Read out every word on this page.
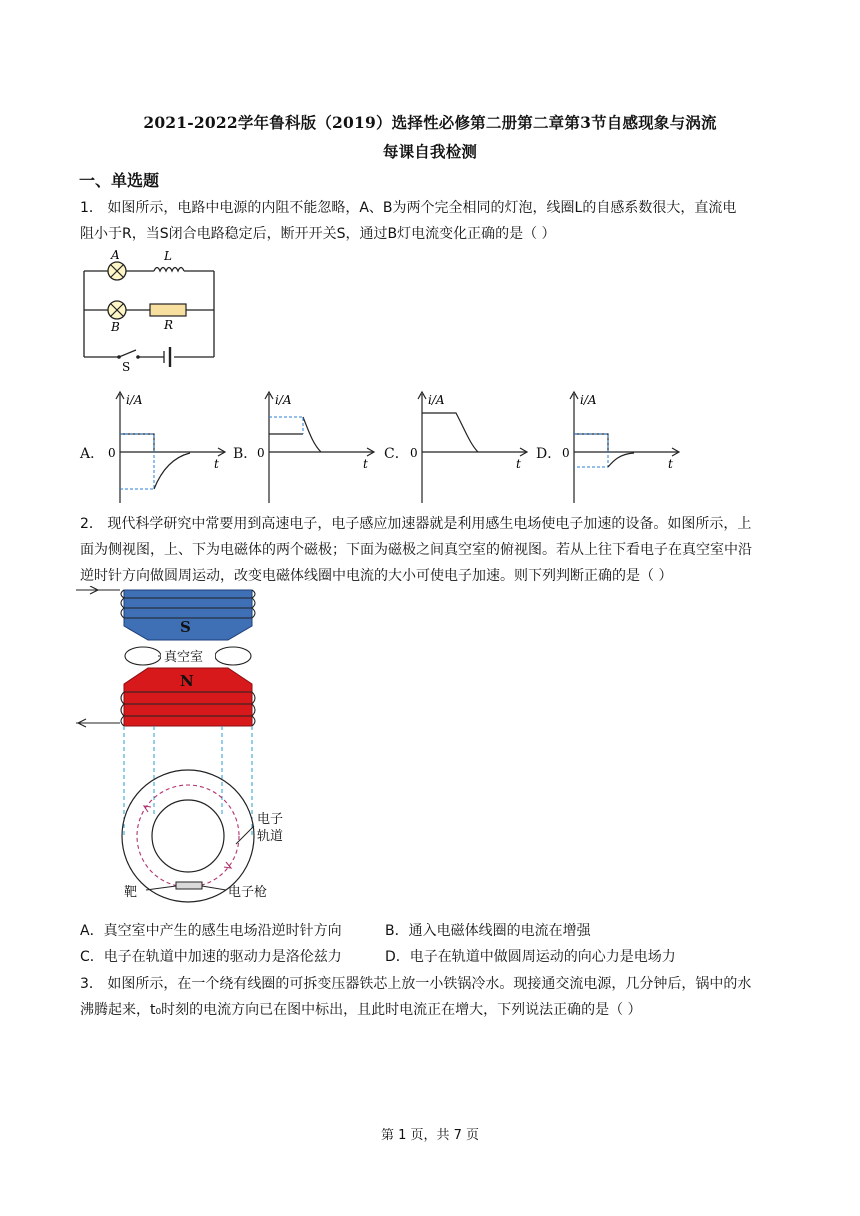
2021-2022学年鲁科版（2019）选择性必修第二册第二章第3节自感现象与涡流
每课自我检测
一、单选题
1． 如图所示，电路中电源的内阻不能忽略，A、B为两个完全相同的灯泡，线圈L的自感系数很大，直流电
阻小于R，当S闭合电路稳定后，断开开关S，通过B灯电流变化正确的是（ ）
A	L
B	R
S
A．	B．	C．	D．
i/A
0
t
i/A
0
t
i/A
0
t
i/A
0
t
2． 现代科学研究中常要用到高速电子，电子感应加速器就是利用感生电场使电子加速的设备。如图所示，上
面为侧视图，上、下为电磁体的两个磁极；下面为磁极之间真空室的俯视图。若从上往下看电子在真空室中沿
逆时针方向做圆周运动，改变电磁体线圈中电流的大小可使电子加速。则下列判断正确的是（ ）
S
真空室
N
电子
轨道
靶	电子枪
A．真空室中产生的感生电场沿逆时针方向	B．通入电磁体线圈的电流在增强
C．电子在轨道中加速的驱动力是洛伦兹力	D．电子在轨道中做圆周运动的向心力是电场力
3． 如图所示，在一个绕有线圈的可拆变压器铁芯上放一小铁锅冷水。现接通交流电源，几分钟后，锅中的水
沸腾起来，t₀时刻的电流方向已在图中标出，且此时电流正在增大，下列说法正确的是（ ）
第 1 页，共 7 页
